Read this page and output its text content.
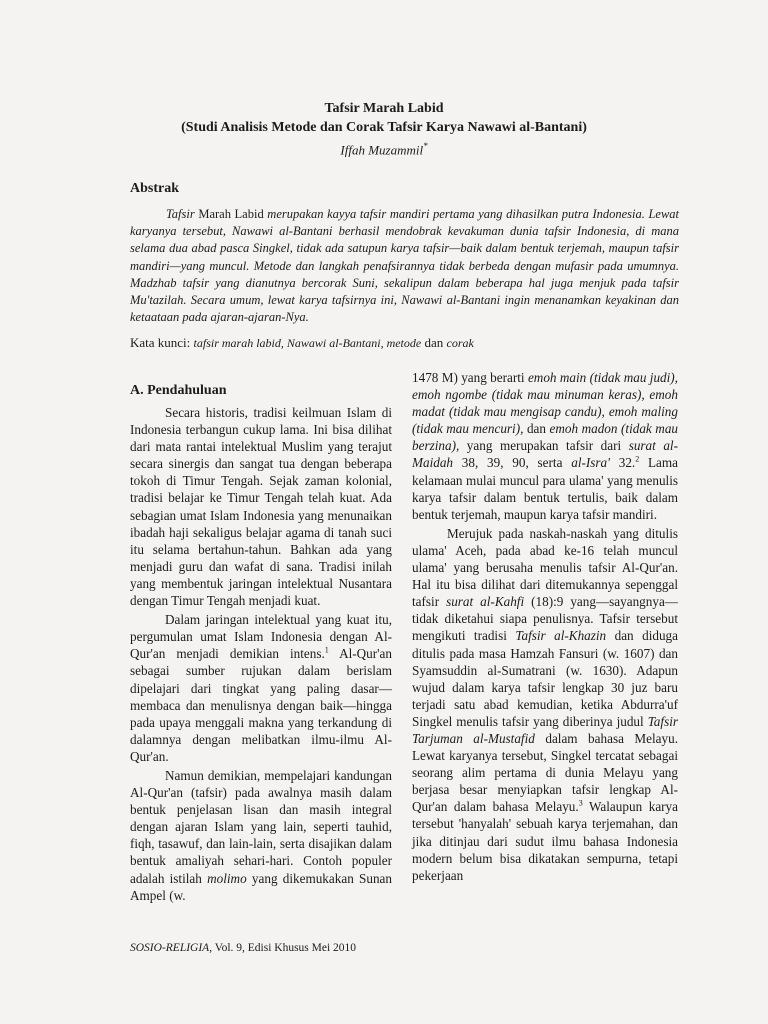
Tafsir Marah Labid
(Studi Analisis Metode dan Corak Tafsir Karya Nawawi al-Bantani)
Iffah Muzammil*
Abstrak

Tafsir Marah Labid merupakan kayya tafsir mandiri pertama yang dihasilkan putra Indonesia. Lewat karyanya tersebut, Nawawi al-Bantani berhasil mendobrak kevakuman dunia tafsir Indonesia, di mana selama dua abad pasca Singkel, tidak ada satupun karya tafsir—baik dalam bentuk terjemah, maupun tafsir mandiri—yang muncul. Metode dan langkah penafsirannya tidak berbeda dengan mufasir pada umumnya. Madzhab tafsir yang dianutnya bercorak Suni, sekalipun dalam beberapa hal juga menjuk pada tafsir Mu'tazilah. Secara umum, lewat karya tafsirnya ini, Nawawi al-Bantani ingin menanamkan keyakinan dan ketaataan pada ajaran-ajaran-Nya.

Kata kunci: tafsir marah labid, Nawawi al-Bantani, metode dan corak
A. Pendahuluan

Secara historis, tradisi keilmuan Islam di Indonesia terbangun cukup lama. Ini bisa dilihat dari mata rantai intelektual Muslim yang terajut secara sinergis dan sangat tua dengan beberapa tokoh di Timur Tengah. Sejak zaman kolonial, tradisi belajar ke Timur Tengah telah kuat. Ada sebagian umat Islam Indonesia yang menunaikan ibadah haji sekaligus belajar agama di tanah suci itu selama bertahun-tahun. Bahkan ada yang menjadi guru dan wafat di sana. Tradisi inilah yang membentuk jaringan intelektual Nusantara dengan Timur Tengah menjadi kuat.

Dalam jaringan intelektual yang kuat itu, pergumulan umat Islam Indonesia dengan Al-Qur'an menjadi demikian intens.$^1$ Al-Qur'an sebagai sumber rujukan dalam berislam dipelajari dari tingkat yang paling dasar—membaca dan menulisnya dengan baik—hingga pada upaya menggali makna yang terkandung di dalamnya dengan melibatkan ilmu-ilmu Al-Qur'an.

Namun demikian, mempelajari kandungan Al-Qur'an (tafsir) pada awalnya masih dalam bentuk penjelasan lisan dan masih integral dengan ajaran Islam yang lain, seperti tauhid, fiqh, tasawuf, dan lain-lain, serta disajikan dalam bentuk amaliyah sehari-hari. Contoh populer adalah istilah molimo yang dikemukakan Sunan Ampel (w.

1478 M) yang berarti emoh main (tidak mau judi), emoh ngombe (tidak mau minuman keras), emoh madat (tidak mau mengisap candu), emoh maling (tidak mau mencuri), dan emoh madon (tidak mau berzina), yang merupakan tafsir dari surat al-Maidah 38, 39, 90, serta al-Isra' 32.$^2$ Lama kelamaan mulai muncul para ulama' yang menulis karya tafsir dalam bentuk tertulis, baik dalam bentuk terjemah, maupun karya tafsir mandiri.

Merujuk pada naskah-naskah yang ditulis ulama' Aceh, pada abad ke-16 telah muncul ulama' yang berusaha menulis tafsir Al-Qur'an. Hal itu bisa dilihat dari ditemukannya sepenggal tafsir surat al-Kahfi (18):9 yang—sayangnya—tidak diketahui siapa penulisnya. Tafsir tersebut mengikuti tradisi Tafsir al-Khazin dan diduga ditulis pada masa Hamzah Fansuri (w. 1607) dan Syamsuddin al-Sumatrani (w. 1630). Adapun wujud dalam karya tafsir lengkap 30 juz baru terjadi satu abad kemudian, ketika Abdurra'uf Singkel menulis tafsir yang diberinya judul Tafsir Tarjuman al-Mustafid dalam bahasa Melayu. Lewat karyanya tersebut, Singkel tercatat sebagai seorang alim pertama di dunia Melayu yang berjasa besar menyiapkan tafsir lengkap Al-Qur'an dalam bahasa Melayu.$^3$ Walaupun karya tersebut 'hanyalah' sebuah karya terjemahan, dan jika ditinjau dari sudut ilmu bahasa Indonesia modern belum bisa dikatakan sempurna, tetapi pekerjaan

SOSIO-RELIGIA, Vol. 9, Edisi Khusus Mei 2010
